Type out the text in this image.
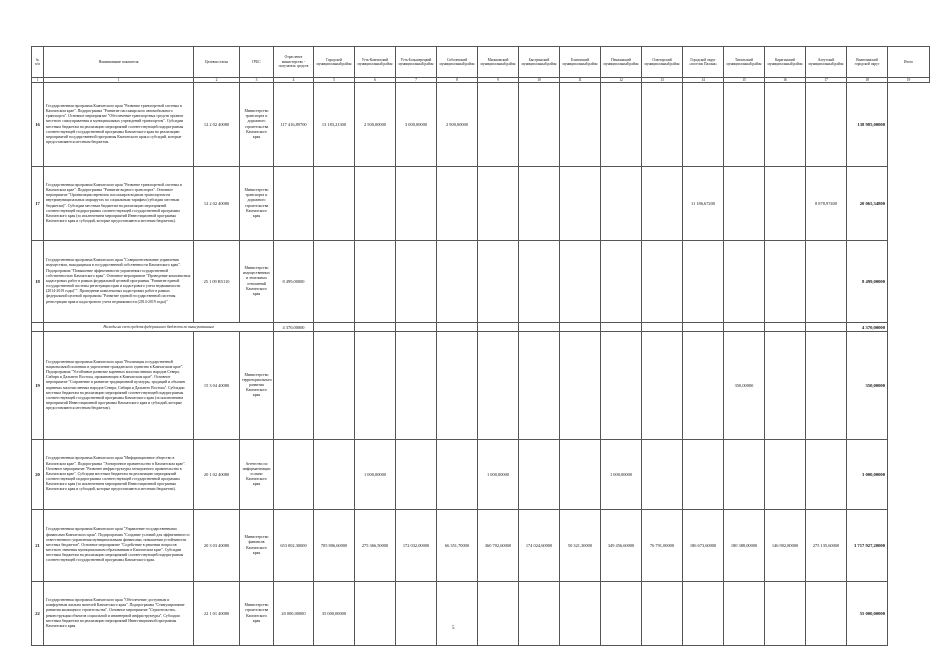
№ п/п	Наименование показателя	Целевая статья	ГРБС	Отраслевое министерство - получатель средств	Городской муниципальный район	Усть-Камчатский муниципальный район	Усть-Большерецкий муниципальный район	Соболевский муниципальный район	Мильковский муниципальный район	Быстринский муниципальный район	Елизовский муниципальный район	Пенжинский муниципальный район	Олюторский муниципальный район	Городской округ «поселок Палана»	Тигильский муниципальный район	Карагинский муниципальный район	Алеутский муниципальный район	Вилючинский городской округ	Итого
1	1	2	3	4	5	6	7	8	9	10	11	12	13	14	15	16	17	18	19
16	Государственная программа Камчатского края "Развитие транспортной системы в Камчатском крае". Подпрограмма "Развитие пассажирского автомобильного транспорта". Основное мероприятие "Обеспечение транспортных средств органов местного самоуправления и муниципальных учреждений транспортом". Субсидии местным бюджетам на реализацию мероприятий соответствующей подпрограммы соответствующей государственной программы Камчатского края на реализацию мероприятий государственной программы Камчатского края и субсидий, которые предоставляются местным бюджетам.	12 2 02 40080	Министерство транспорта и дорожного строительства Камчатского края	117 416,89700	13 183,21300	2 500,00000	3 000,00000	2 900,00000										138 985,00000	
17	Государственная программа Камчатского края "Развитие транспортной системы в Камчатском крае". Подпрограмма "Развитие водного транспорта". Основное мероприятие "Организация перевозок пассажиров водным транспортом на внутримуниципальных маршрутах по социальным тарифам (субсидии местным бюджетам)". Субсидии местным бюджетам на реализацию мероприятий соответствующей подпрограммы соответствующей государственной программы Камчатского края (за исключением мероприятий Инвестиционной программы Камчатского края и субсидий, которые предоставляются местным бюджетам).	12 2 02 40080	Министерство транспорта и дорожного строительства Камчатского края											11 186,67200			8 878,97400	20 065,34800	
18	Государственная программа Камчатского края "Совершенствование управления имуществом, находящимся в государственной собственности Камчатского края". Подпрограмма "Повышение эффективности управления государственной собственностью Камчатского края". Основное мероприятие "Проведение комплексных кадастровых работ в рамках федеральной целевой программы "Развитие единой государственной системы регистрации прав и кадастрового учета недвижимости (2014-2019 годы)"". Проведение комплексных кадастровых работ в рамках федеральной целевой программы "Развитие единой государственной системы регистрации прав и кадастрового учета недвижимости (2014-2019 годы)"	25 1 09 R5110	Министерство имущественных и земельных отношений Камчатского края	8 499,00000														8 499,00000	
	Расходы на счет средств федерального бюджета по вышеуказанным			4 370,00000														4 370,00000	
19	Государственная программа Камчатского края "Реализация государственной национальной политики и укрепление гражданского единства в Камчатском крае". Подпрограмма "Устойчивое развитие коренных малочисленных народов Севера, Сибири и Дальнего Востока, проживающих в Камчатском крае". Основное мероприятие "Сохранение и развитие традиционной культуры, традиций и обычаев коренных малочисленных народов Севера, Сибири и Дальнего Востока". Субсидии местным бюджетам на реализацию мероприятий соответствующей подпрограммы соответствующей государственной программы Камчатского края (за исключением мероприятий Инвестиционной программы Камчатского края и субсидий, которые предоставляются местным бюджетам).	15 3 04 40080	Министерство территориального развития Камчатского края												350,00000			350,00000	
20	Государственная программа Камчатского края "Информационное общество в Камчатском крае". Подпрограмма "Электронное правительство в Камчатском крае". Основное мероприятие "Развитие инфраструктуры электронного правительства в Камчатском крае". Субсидии местным бюджетам на реализацию мероприятий соответствующей подпрограммы соответствующей государственной программы Камчатского края (за исключением мероприятий Инвестиционной программы Камчатского края и субсидий, которые предоставляются местным бюджетам).	20 1 02 40080	Агентство по информатизации и связи Камчатского края			1 000,00000			1 000,00000			1 000,00000						3 000,00000	
21	Государственная программа Камчатского края "Управление государственными финансами Камчатского края". Подпрограмма "Создание условий для эффективного и ответственного управления муниципальными финансами, повышения устойчивости местных бюджетов". Основное мероприятие "Содействие в решении вопросов местного значения муниципальным образованиям в Камчатском крае". Субсидии местным бюджетам на реализацию мероприятий соответствующей подпрограммы соответствующей государственной программы Камчатского края.	20 3 03 40080	Министерство финансов Камчатского края	653 002,30000	705 806,60000	275 366,50000	172 032,00000	66 351,70000	360 702,60000	174 024,60000	50 321,30000	349 456,60000	76 791,00000	186 673,60000	180 388,00000	146 902,80000	275 135,60000	3 717 927,20000	
22	Государственная программа Камчатского края "Обеспечение доступным и комфортным жильем жителей Камчатского края". Подпрограмма "Стимулирование развития жилищного строительства". Основное мероприятие "Строительство, реконструкция объектов социальной и инженерной инфраструктуры". Субсидии местным бюджетам на реализацию мероприятий Инвестиционной программы Камчатского края.	22 1 01 40080	Министерство строительства Камчатского края	20 000,00000	35 000,00000													55 000,00000	
5
